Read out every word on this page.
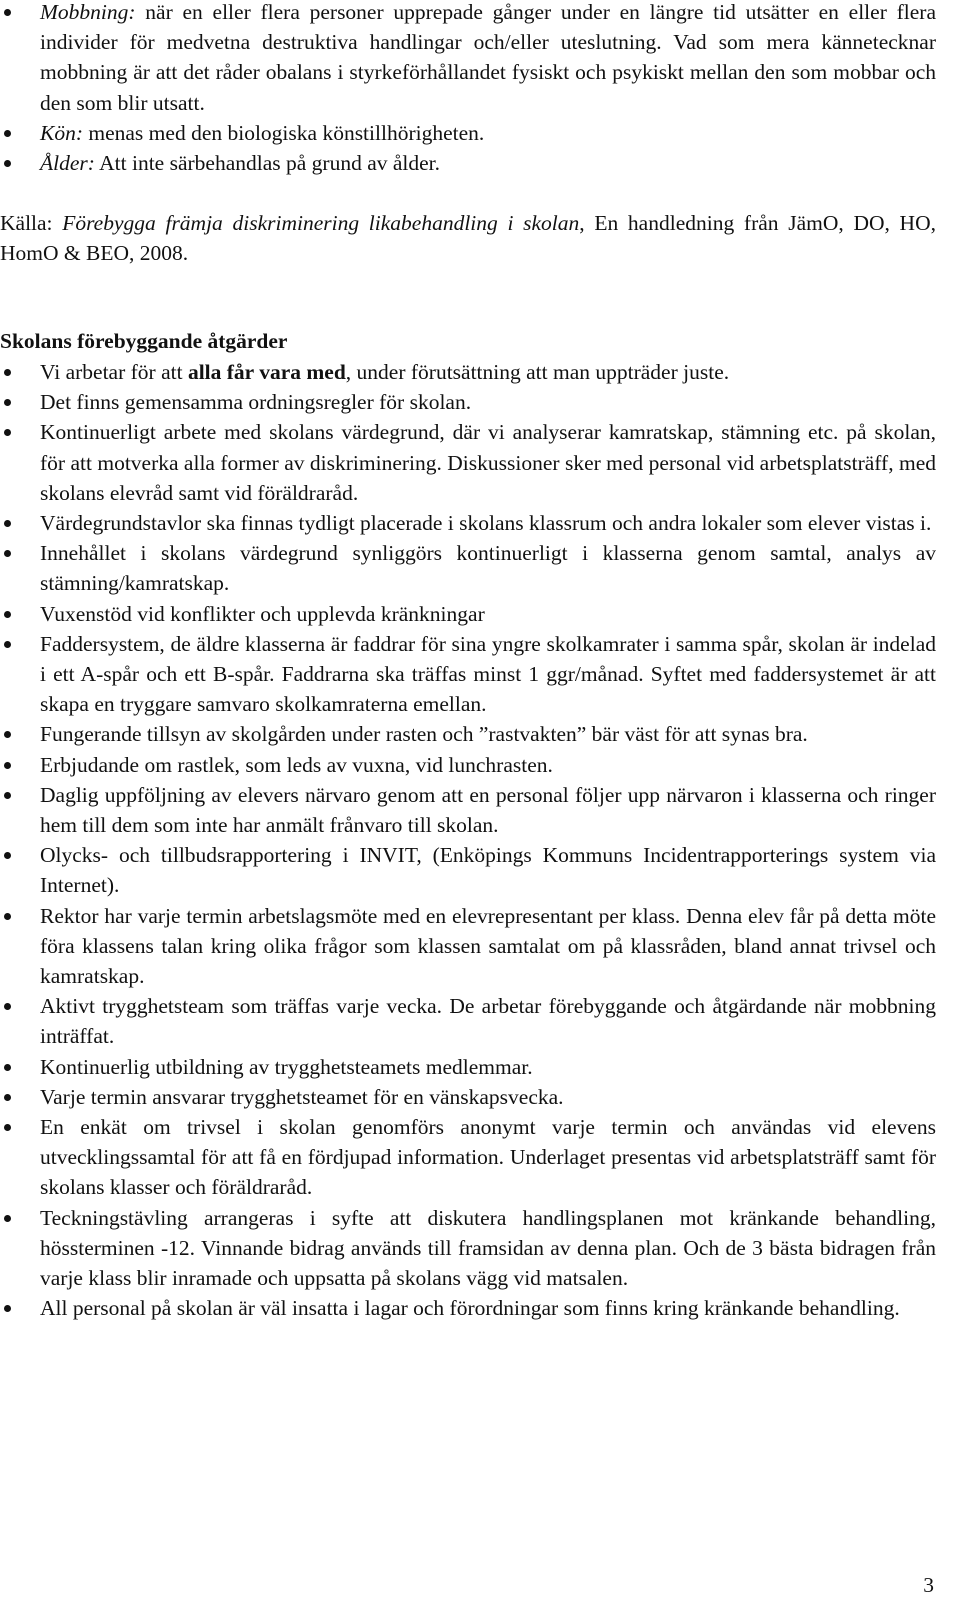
Mobbning: när en eller flera personer upprepade gånger under en längre tid utsätter en eller flera individer för medvetna destruktiva handlingar och/eller uteslutning. Vad som mera kännetecknar mobbning är att det råder obalans i styrkeförhållandet fysiskt och psykiskt mellan den som mobbar och den som blir utsatt.
Kön: menas med den biologiska könstillhörigheten.
Ålder: Att inte särbehandlas på grund av ålder.

Källa: Förebygga främja diskriminering likabehandling i skolan, En handledning från JämO, DO, HO, HomO & BEO, 2008.

Skolans förebyggande åtgärder
Vi arbetar för att alla får vara med, under förutsättning att man uppträder juste.
Det finns gemensamma ordningsregler för skolan.
Kontinuerligt arbete med skolans värdegrund, där vi analyserar kamratskap, stämning etc. på skolan, för att motverka alla former av diskriminering. Diskussioner sker med personal vid arbetsplatsträff, med skolans elevråd samt vid föräldraråd.
Värdegrundstavlor ska finnas tydligt placerade i skolans klassrum och andra lokaler som elever vistas i.
Innehållet i skolans värdegrund synliggörs kontinuerligt i klasserna genom samtal, analys av stämning/kamratskap.
Vuxenstöd vid konflikter och upplevda kränkningar
Faddersystem, de äldre klasserna är faddrar för sina yngre skolkamrater i samma spår, skolan är indelad i ett A-spår och ett B-spår. Faddrarna ska träffas minst 1 ggr/månad. Syftet med faddersystemet är att skapa en tryggare samvaro skolkamraterna emellan.
Fungerande tillsyn av skolgården under rasten och ”rastvakten” bär väst för att synas bra.
Erbjudande om rastlek, som leds av vuxna, vid lunchrasten.
Daglig uppföljning av elevers närvaro genom att en personal följer upp närvaron i klasserna och ringer hem till dem som inte har anmält frånvaro till skolan.
Olycks- och tillbudsrapportering i INVIT, (Enköpings Kommuns Incidentrapporterings system via Internet).
Rektor har varje termin arbetslagsmöte med en elevrepresentant per klass. Denna elev får på detta möte föra klassens talan kring olika frågor som klassen samtalat om på klassråden, bland annat trivsel och kamratskap.
Aktivt trygghetsteam som träffas varje vecka. De arbetar förebyggande och åtgärdande när mobbning inträffat.
Kontinuerlig utbildning av trygghetsteamets medlemmar.
Varje termin ansvarar trygghetsteamet för en vänskapsvecka.
En enkät om trivsel i skolan genomförs anonymt varje termin och användas vid elevens utvecklingssamtal för att få en fördjupad information. Underlaget presentas vid arbetsplatsträff samt för skolans klasser och föräldraråd.
Teckningstävling arrangeras i syfte att diskutera handlingsplanen mot kränkande behandling, hössterminen -12. Vinnande bidrag används till framsidan av denna plan. Och de 3 bästa bidragen från varje klass blir inramade och uppsatta på skolans vägg vid matsalen.
All personal på skolan är väl insatta i lagar och förordningar som finns kring kränkande behandling.
3
